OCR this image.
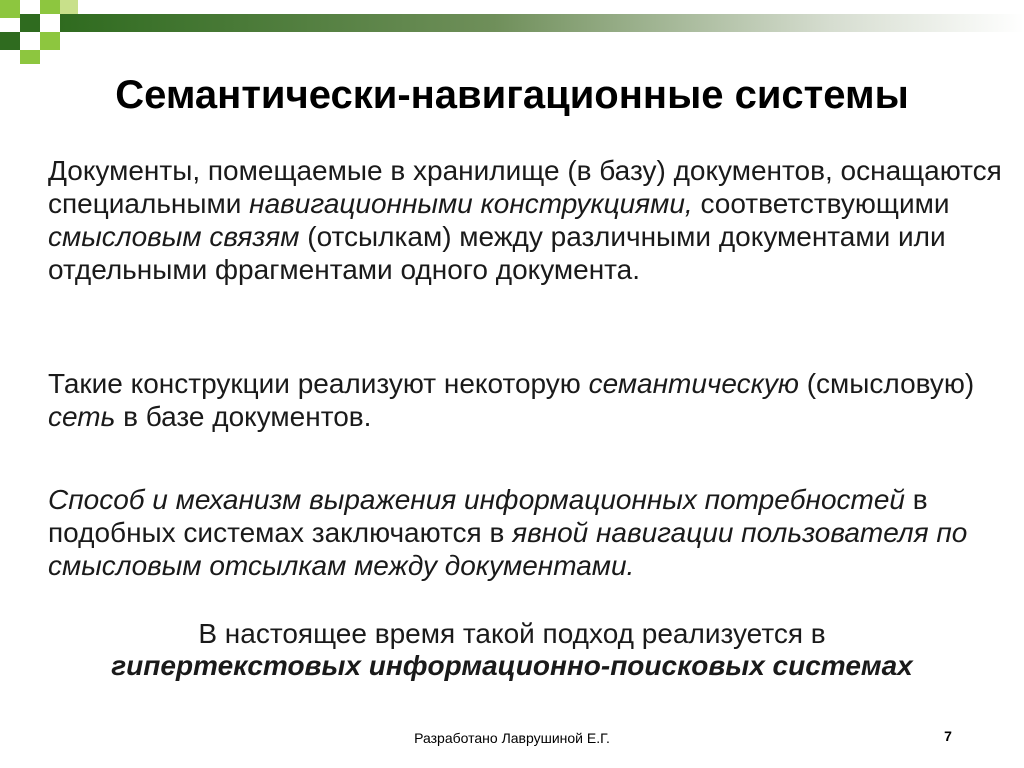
Семантически-навигационные системы

Документы, помещаемые в хранилище (в базу) документов, оснащаются специальными навигационными конструкциями, соответствующими смысловым связям (отсылкам) между различными документами или отдельными фрагментами одного документа.

Такие конструкции реализуют некоторую семантическую (смысловую) сеть в базе документов.

Способ и механизм выражения информационных потребностей в подобных системах заключаются в явной навигации пользователя по смысловым отсылкам между документами.

В настоящее время такой подход реализуется в гипертекстовых информационно-поисковых системах

Разработано Лаврушиной Е.Г.	7
